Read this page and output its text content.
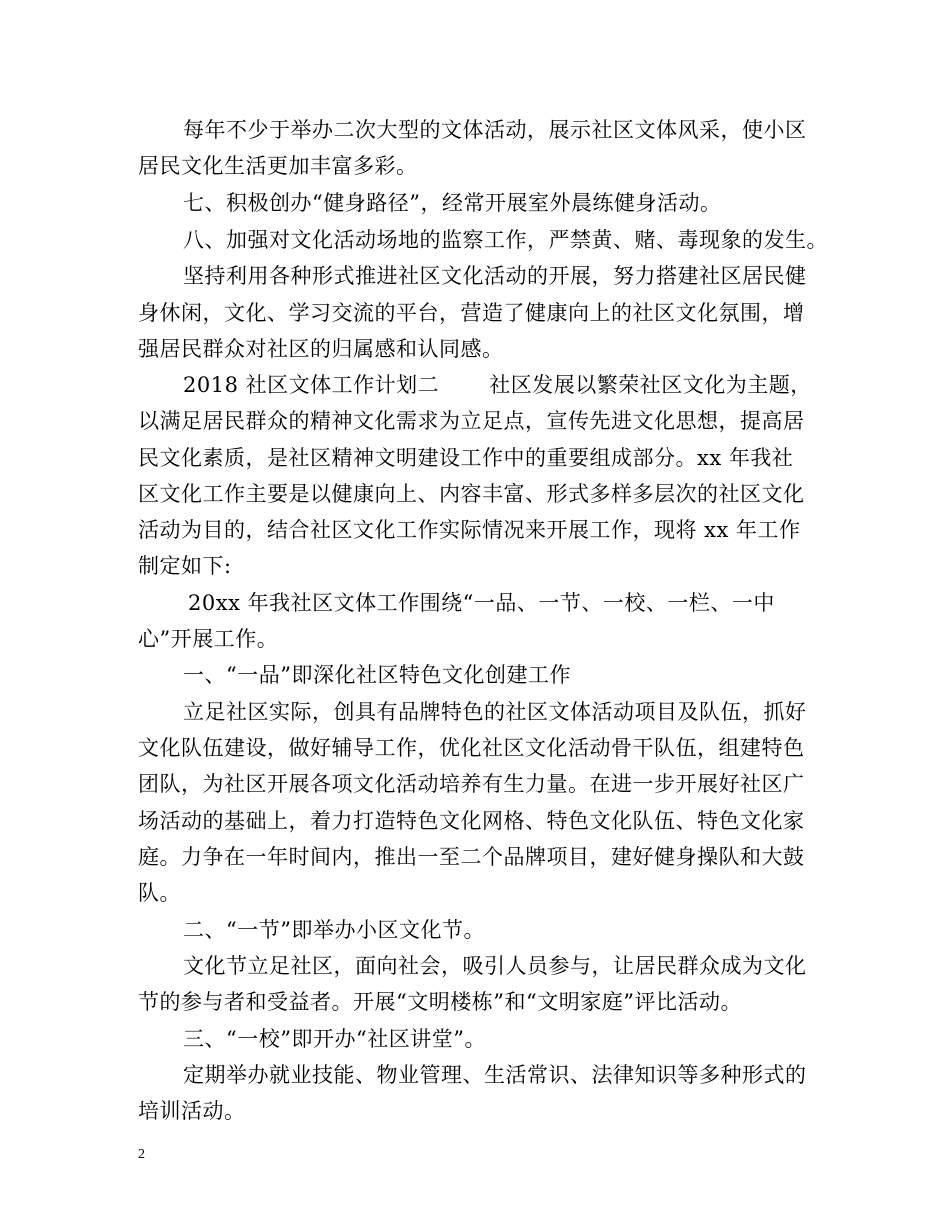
每年不少于举办二次大型的文体活动，展示社区文体风采，使小区
居民文化生活更加丰富多彩。
七、积极创办“健身路径”，经常开展室外晨练健身活动。
八、加强对文化活动场地的监察工作，严禁黄、赌、毒现象的发生。
坚持利用各种形式推进社区文化活动的开展，努力搭建社区居民健
身休闲，文化、学习交流的平台，营造了健康向上的社区文化氛围，增
强居民群众对社区的归属感和认同感。
2018 社区文体工作计划二　　 社区发展以繁荣社区文化为主题，
以满足居民群众的精神文化需求为立足点，宣传先进文化思想，提高居
民文化素质，是社区精神文明建设工作中的重要组成部分。xx 年我社
区文化工作主要是以健康向上、内容丰富、形式多样多层次的社区文化
活动为目的，结合社区文化工作实际情况来开展工作，现将 xx 年工作
制定如下:
20xx 年我社区文体工作围绕“一品、一节、一校、一栏、一中
心”开展工作。
一、“一品”即深化社区特色文化创建工作
立足社区实际，创具有品牌特色的社区文体活动项目及队伍，抓好
文化队伍建设，做好辅导工作，优化社区文化活动骨干队伍，组建特色
团队，为社区开展各项文化活动培养有生力量。在进一步开展好社区广
场活动的基础上，着力打造特色文化网格、特色文化队伍、特色文化家
庭。力争在一年时间内，推出一至二个品牌项目，建好健身操队和大鼓
队。
二、“一节”即举办小区文化节。
文化节立足社区，面向社会，吸引人员参与，让居民群众成为文化
节的参与者和受益者。开展“文明楼栋”和“文明家庭”评比活动。
三、“一校”即开办“社区讲堂”。
定期举办就业技能、物业管理、生活常识、法律知识等多种形式的
培训活动。
2
